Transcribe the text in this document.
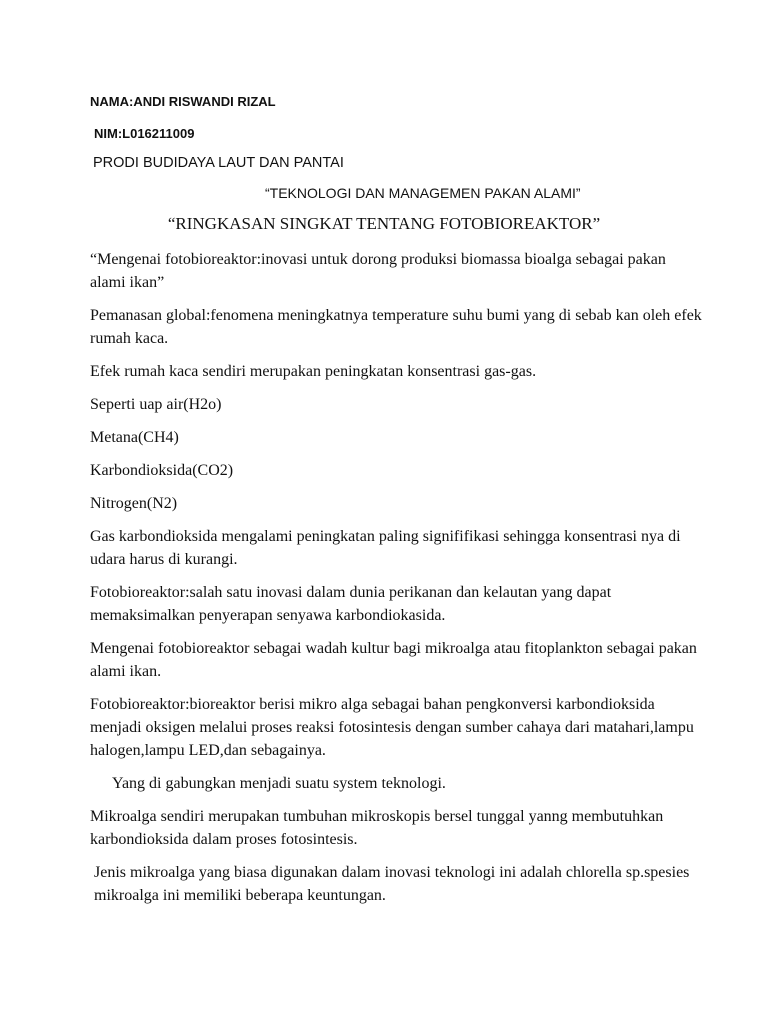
NAMA:ANDI RISWANDI RIZAL
NIM:L016211009
PRODI BUDIDAYA LAUT DAN PANTAI
“TEKNOLOGI DAN MANAGEMEN PAKAN ALAMI”
“RINGKASAN SINGKAT TENTANG FOTOBIOREAKTOR”

“Mengenai fotobioreaktor:inovasi untuk dorong produksi biomassa bioalga sebagai pakan alami ikan”

Pemanasan global:fenomena meningkatnya temperature suhu bumi yang di sebab kan oleh efek rumah kaca.

Efek rumah kaca sendiri merupakan peningkatan konsentrasi gas-gas.

Seperti uap air(H2o)

Metana(CH4)

Karbondioksida(CO2)

Nitrogen(N2)

Gas karbondioksida mengalami peningkatan paling signififikasi sehingga konsentrasi nya di udara harus di kurangi.

Fotobioreaktor:salah satu inovasi dalam dunia perikanan dan kelautan yang dapat memaksimalkan penyerapan senyawa karbondiokasida.

Mengenai fotobioreaktor sebagai wadah kultur bagi mikroalga atau fitoplankton sebagai pakan alami ikan.

Fotobioreaktor:bioreaktor berisi mikro alga sebagai bahan pengkonversi karbondioksida menjadi oksigen melalui proses reaksi fotosintesis dengan sumber cahaya dari matahari,lampu halogen,lampu LED,dan sebagainya.

Yang di gabungkan menjadi suatu system teknologi.

Mikroalga sendiri merupakan tumbuhan mikroskopis bersel tunggal yanng membutuhkan karbondioksida dalam proses fotosintesis.

Jenis mikroalga yang biasa digunakan dalam inovasi teknologi ini adalah chlorella sp.spesies mikroalga ini memiliki beberapa keuntungan.
